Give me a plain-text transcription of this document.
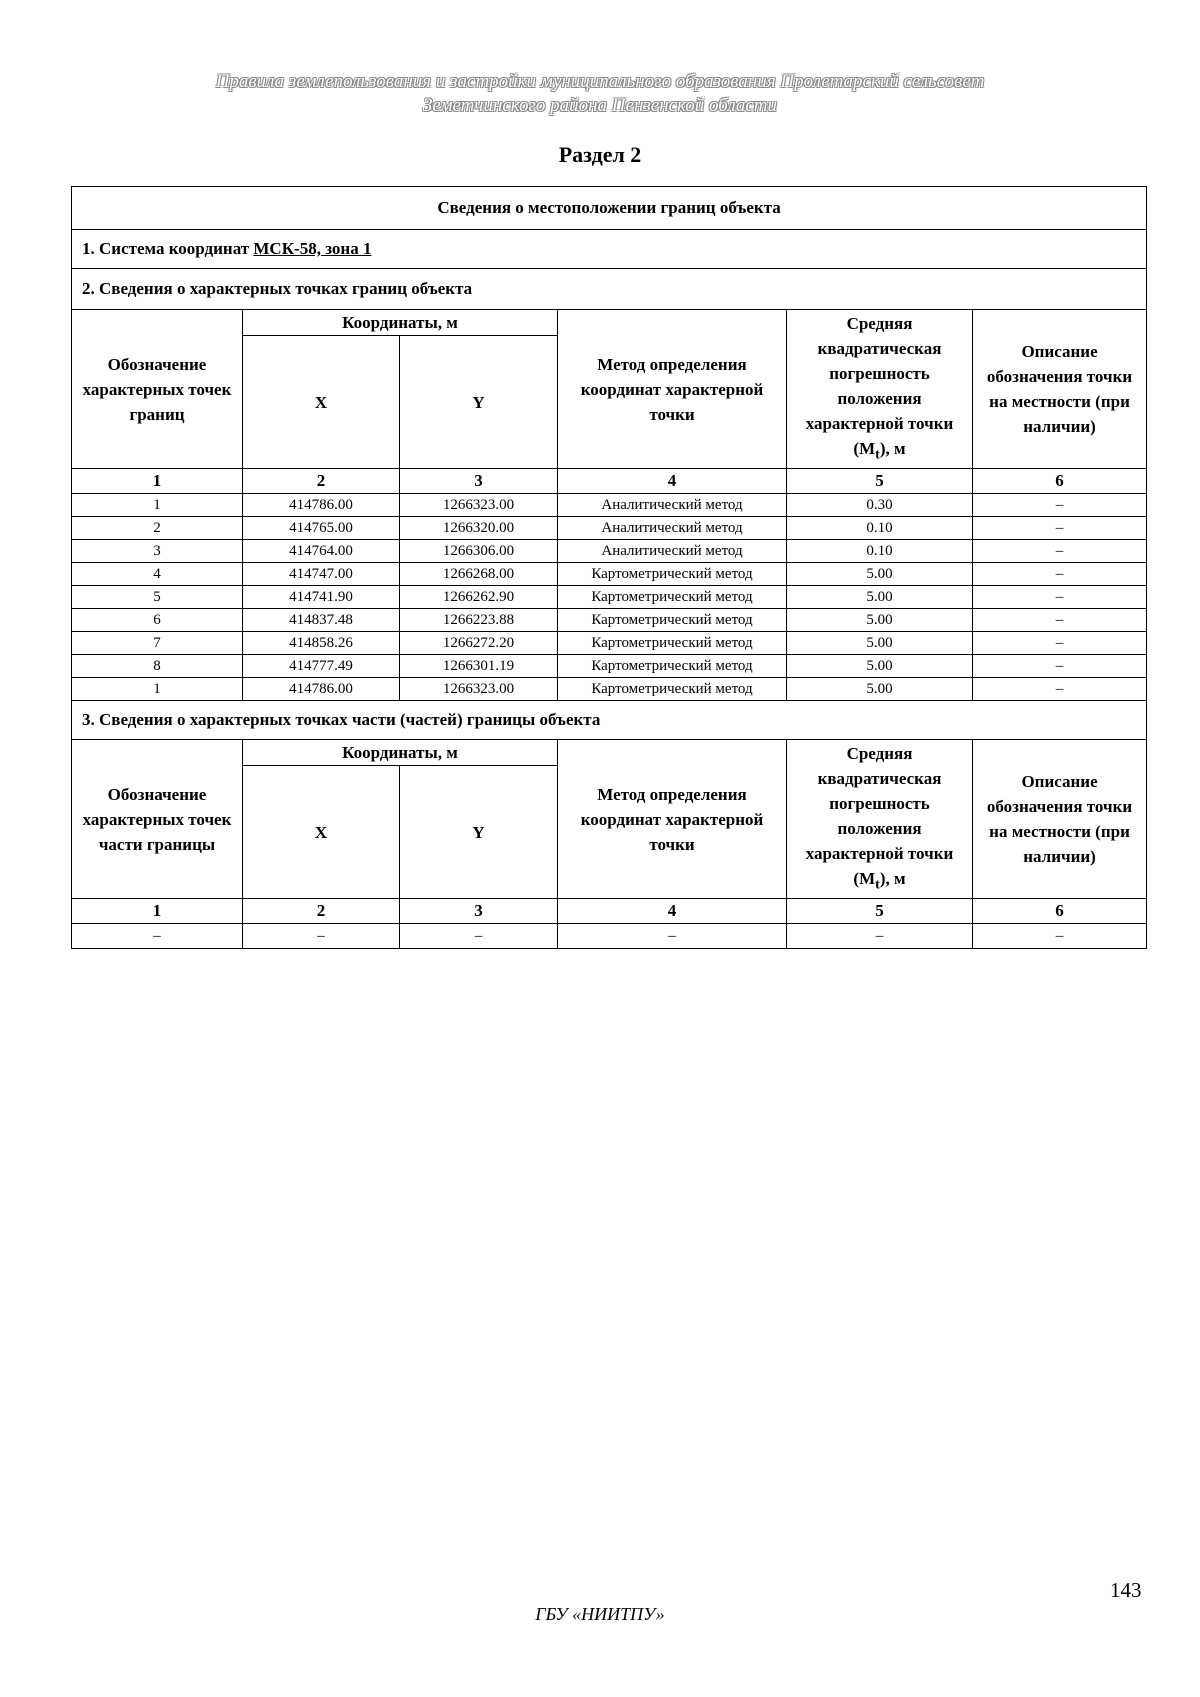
Правила землепользования и застройки муниципального образования Пролетарский сельсовет
Земетчинского района Пензенской области
Раздел 2
Сведения о местоположении границ объекта					
1. Система координат МСК-58, зона 1					
2. Сведения о характерных точках границ объекта					
Обозначение характерных точек границ	Координаты, м		Метод определения координат характерной точки	Средняя квадратическая погрешность положения характерной точки $(M_t)$, м	Описание обозначения точки на местности (при наличии)
	X	Y			
1	2	3	4	5	6
1	414786.00	1266323.00	Аналитический метод	0.30	–
2	414765.00	1266320.00	Аналитический метод	0.10	–
3	414764.00	1266306.00	Аналитический метод	0.10	–
4	414747.00	1266268.00	Картометрический метод	5.00	–
5	414741.90	1266262.90	Картометрический метод	5.00	–
6	414837.48	1266223.88	Картометрический метод	5.00	–
7	414858.26	1266272.20	Картометрический метод	5.00	–
8	414777.49	1266301.19	Картометрический метод	5.00	–
1	414786.00	1266323.00	Картометрический метод	5.00	–
3. Сведения о характерных точках части (частей) границы объекта					
Обозначение характерных точек части границы	Координаты, м		Метод определения координат характерной точки	Средняя квадратическая погрешность положения характерной точки $(M_t)$, м	Описание обозначения точки на местности (при наличии)
	X	Y			
1	2	3	4	5	6
–	–	–	–	–	–
143
ГБУ «НИИТПУ»
